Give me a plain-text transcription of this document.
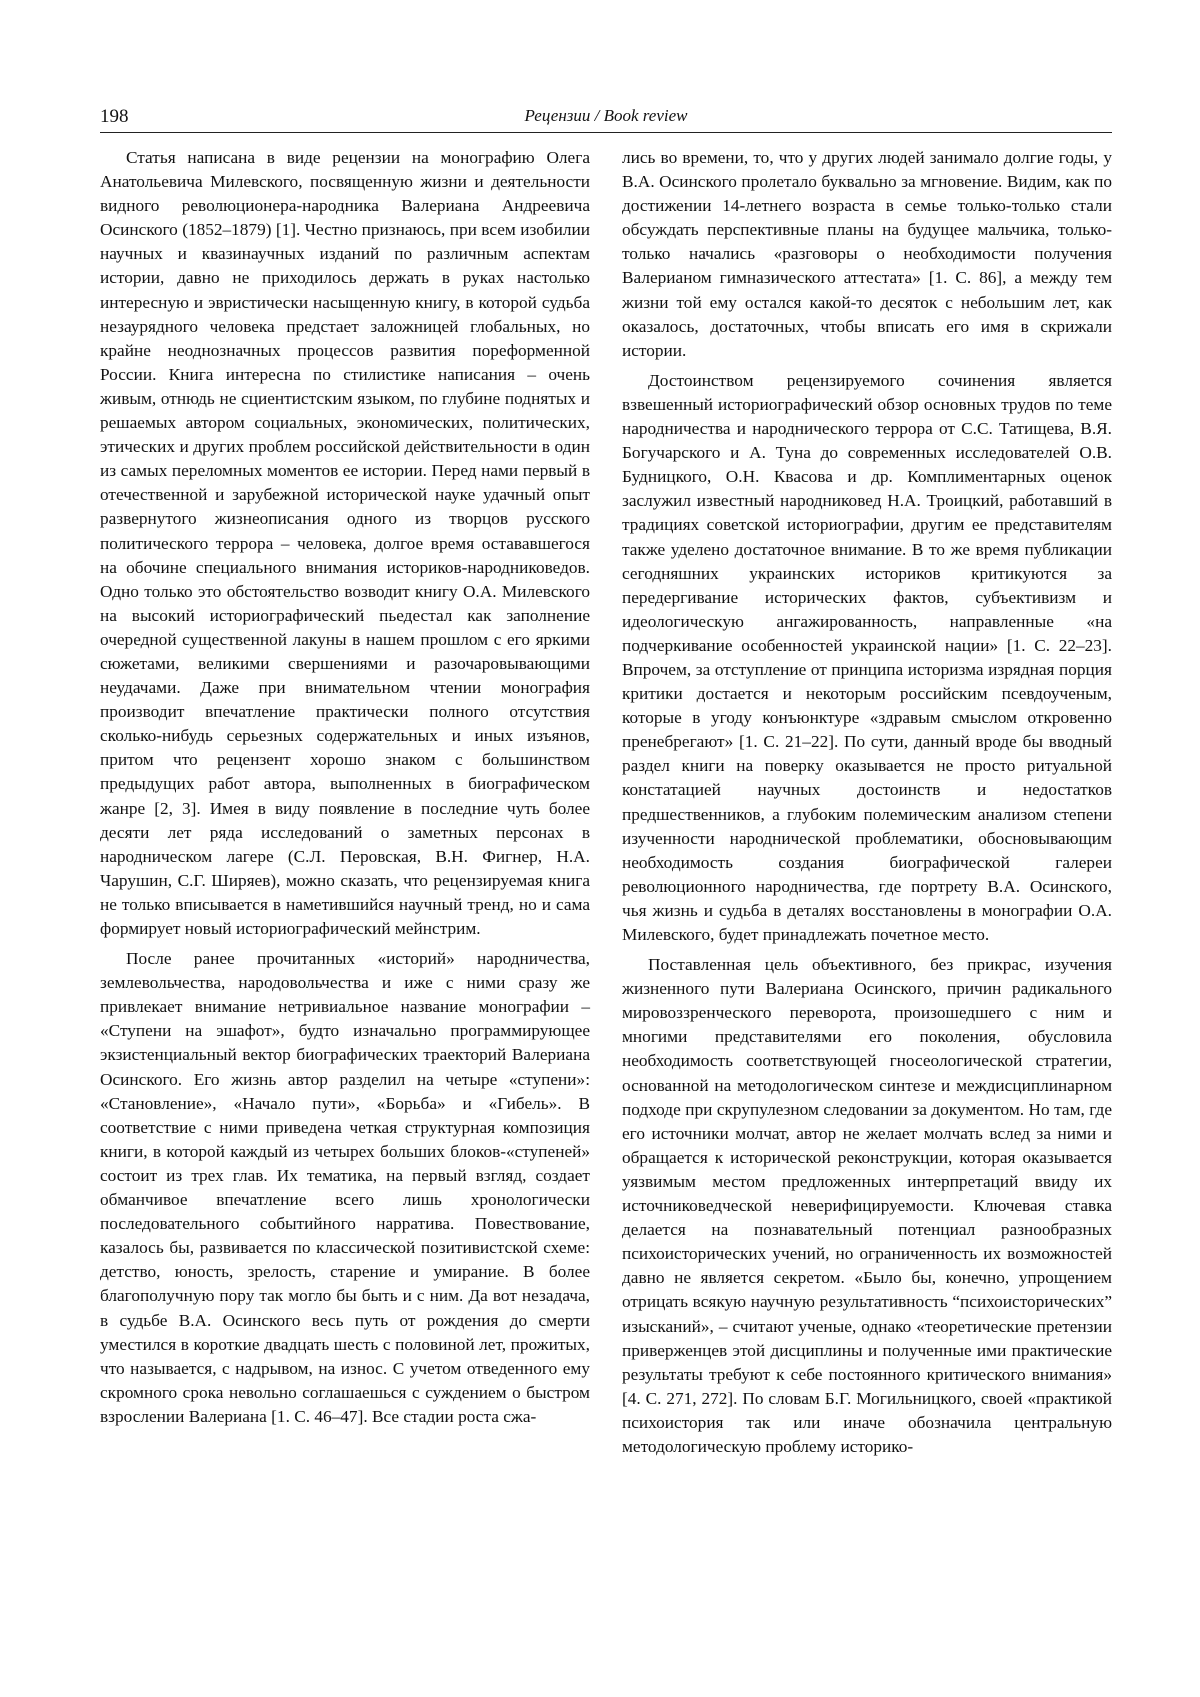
198	Рецензии / Book review

Статья написана в виде рецензии на монографию Олега Анатольевича Милевского, посвященную жизни и деятельности видного революционера-народника Валериана Андреевича Осинского (1852–1879) [1]. Честно признаюсь, при всем изобилии научных и квазинаучных изданий по различным аспектам истории, давно не приходилось держать в руках настолько интересную и эвристически насыщенную книгу, в которой судьба незаурядного человека предстает заложницей глобальных, но крайне неоднозначных процессов развития пореформенной России. Книга интересна по стилистике написания – очень живым, отнюдь не сциентистским языком, по глубине поднятых и решаемых автором социальных, экономических, политических, этических и других проблем российской действительности в один из самых переломных моментов ее истории. Перед нами первый в отечественной и зарубежной исторической науке удачный опыт развернутого жизнеописания одного из творцов русского политического террора – человека, долгое время остававшегося на обочине специального внимания историков-народниковедов. Одно только это обстоятельство возводит книгу О.А. Милевского на высокий историографический пьедестал как заполнение очередной существенной лакуны в нашем прошлом с его яркими сюжетами, великими свершениями и разочаровывающими неудачами. Даже при внимательном чтении монография производит впечатление практически полного отсутствия сколько-нибудь серьезных содержательных и иных изъянов, притом что рецензент хорошо знаком с большинством предыдущих работ автора, выполненных в биографическом жанре [2, 3]. Имея в виду появление в последние чуть более десяти лет ряда исследований о заметных персонах в народническом лагере (С.Л. Перовская, В.Н. Фигнер, Н.А. Чарушин, С.Г. Ширяев), можно сказать, что рецензируемая книга не только вписывается в наметившийся научный тренд, но и сама формирует новый историографический мейнстрим.

После ранее прочитанных «историй» народничества, землевольчества, народовольчества и иже с ними сразу же привлекает внимание нетривиальное название монографии – «Ступени на эшафот», будто изначально программирующее экзистенциальный вектор биографических траекторий Валериана Осинского. Его жизнь автор разделил на четыре «ступени»: «Становление», «Начало пути», «Борьба» и «Гибель». В соответствие с ними приведена четкая структурная композиция книги, в которой каждый из четырех больших блоков-«ступеней» состоит из трех глав. Их тематика, на первый взгляд, создает обманчивое впечатление всего лишь хронологически последовательного событийного нарратива. Повествование, казалось бы, развивается по классической позитивистской схеме: детство, юность, зрелость, старение и умирание. В более благополучную пору так могло бы быть и с ним. Да вот незадача, в судьбе В.А. Осинского весь путь от рождения до смерти уместился в короткие двадцать шесть с половиной лет, прожитых, что называется, с надрывом, на износ. С учетом отведенного ему скромного срока невольно соглашаешься с суждением о быстром взрослении Валериана [1. С. 46–47]. Все стадии роста сжа-

лись во времени, то, что у других людей занимало долгие годы, у В.А. Осинского пролетало буквально за мгновение. Видим, как по достижении 14-летнего возраста в семье только-только стали обсуждать перспективные планы на будущее мальчика, только-только начались «разговоры о необходимости получения Валерианом гимназического аттестата» [1. С. 86], а между тем жизни той ему остался какой-то десяток с небольшим лет, как оказалось, достаточных, чтобы вписать его имя в скрижали истории.

Достоинством рецензируемого сочинения является взвешенный историографический обзор основных трудов по теме народничества и народнического террора от С.С. Татищева, В.Я. Богучарского и А. Туна до современных исследователей О.В. Будницкого, О.Н. Квасова и др. Комплиментарных оценок заслужил известный народниковед Н.А. Троицкий, работавший в традициях советской историографии, другим ее представителям также уделено достаточное внимание. В то же время публикации сегодняшних украинских историков критикуются за передергивание исторических фактов, субъективизм и идеологическую ангажированность, направленные «на подчеркивание особенностей украинской нации» [1. С. 22–23]. Впрочем, за отступление от принципа историзма изрядная порция критики достается и некоторым российским псевдоученым, которые в угоду конъюнктуре «здравым смыслом откровенно пренебрегают» [1. С. 21–22]. По сути, данный вроде бы вводный раздел книги на поверку оказывается не просто ритуальной констатацией научных достоинств и недостатков предшественников, а глубоким полемическим анализом степени изученности народнической проблематики, обосновывающим необходимость создания биографической галереи революционного народничества, где портрету В.А. Осинского, чья жизнь и судьба в деталях восстановлены в монографии О.А. Милевского, будет принадлежать почетное место.

Поставленная цель объективного, без прикрас, изучения жизненного пути Валериана Осинского, причин радикального мировоззренческого переворота, произошедшего с ним и многими представителями его поколения, обусловила необходимость соответствующей гносеологической стратегии, основанной на методологическом синтезе и междисциплинарном подходе при скрупулезном следовании за документом. Но там, где его источники молчат, автор не желает молчать вслед за ними и обращается к исторической реконструкции, которая оказывается уязвимым местом предложенных интерпретаций ввиду их источниковедческой неверифицируемости. Ключевая ставка делается на познавательный потенциал разнообразных психоисторических учений, но ограниченность их возможностей давно не является секретом. «Было бы, конечно, упрощением отрицать всякую научную результативность “психоисторических” изысканий», – считают ученые, однако «теоретические претензии приверженцев этой дисциплины и полученные ими практические результаты требуют к себе постоянного критического внимания» [4. С. 271, 272]. По словам Б.Г. Могильницкого, своей «практикой психоистория так или иначе обозначила центральную методологическую проблему историко-
